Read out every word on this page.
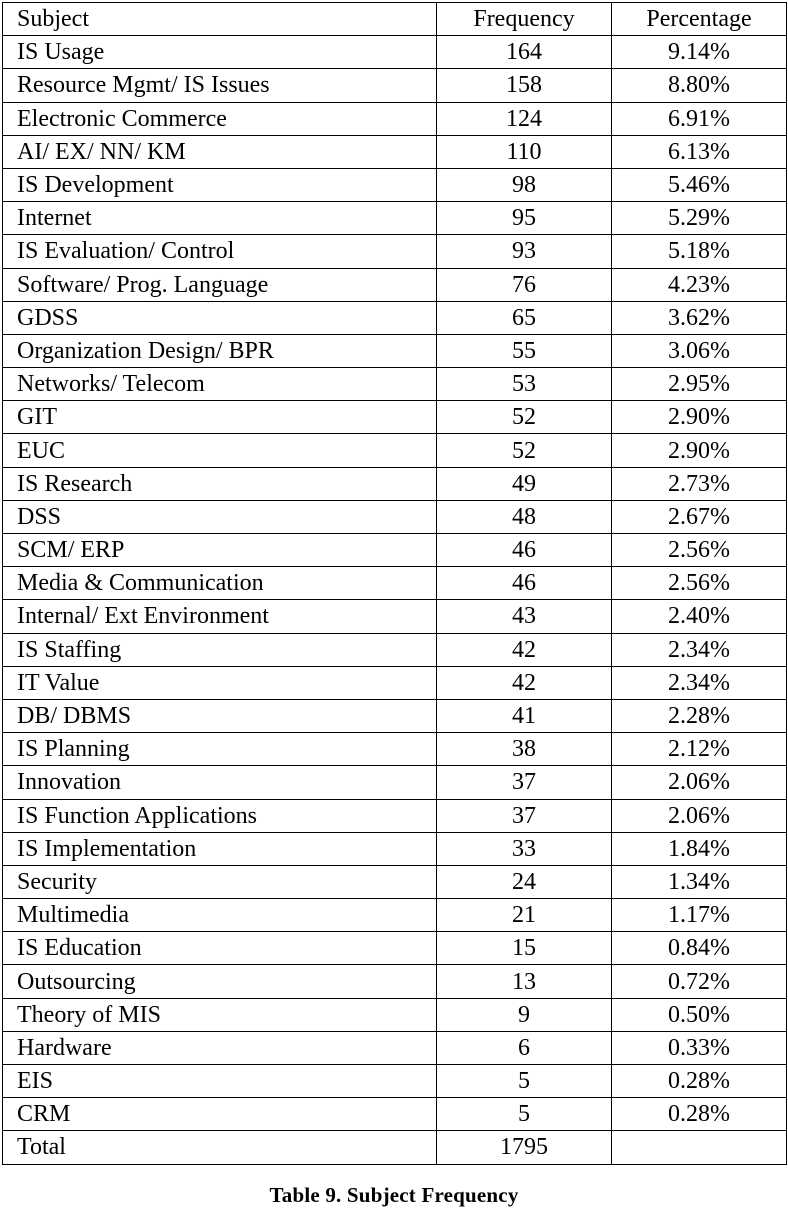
Subject	Frequency	Percentage
IS Usage	164	9.14%
Resource Mgmt/ IS Issues	158	8.80%
Electronic Commerce	124	6.91%
AI/ EX/ NN/ KM	110	6.13%
IS Development	98	5.46%
Internet	95	5.29%
IS Evaluation/ Control	93	5.18%
Software/ Prog. Language	76	4.23%
GDSS	65	3.62%
Organization Design/ BPR	55	3.06%
Networks/ Telecom	53	2.95%
GIT	52	2.90%
EUC	52	2.90%
IS Research	49	2.73%
DSS	48	2.67%
SCM/ ERP	46	2.56%
Media & Communication	46	2.56%
Internal/ Ext Environment	43	2.40%
IS Staffing	42	2.34%
IT Value	42	2.34%
DB/ DBMS	41	2.28%
IS Planning	38	2.12%
Innovation	37	2.06%
IS Function Applications	37	2.06%
IS Implementation	33	1.84%
Security	24	1.34%
Multimedia	21	1.17%
IS Education	15	0.84%
Outsourcing	13	0.72%
Theory of MIS	9	0.50%
Hardware	6	0.33%
EIS	5	0.28%
CRM	5	0.28%
Total	1795	
Table 9. Subject Frequency
